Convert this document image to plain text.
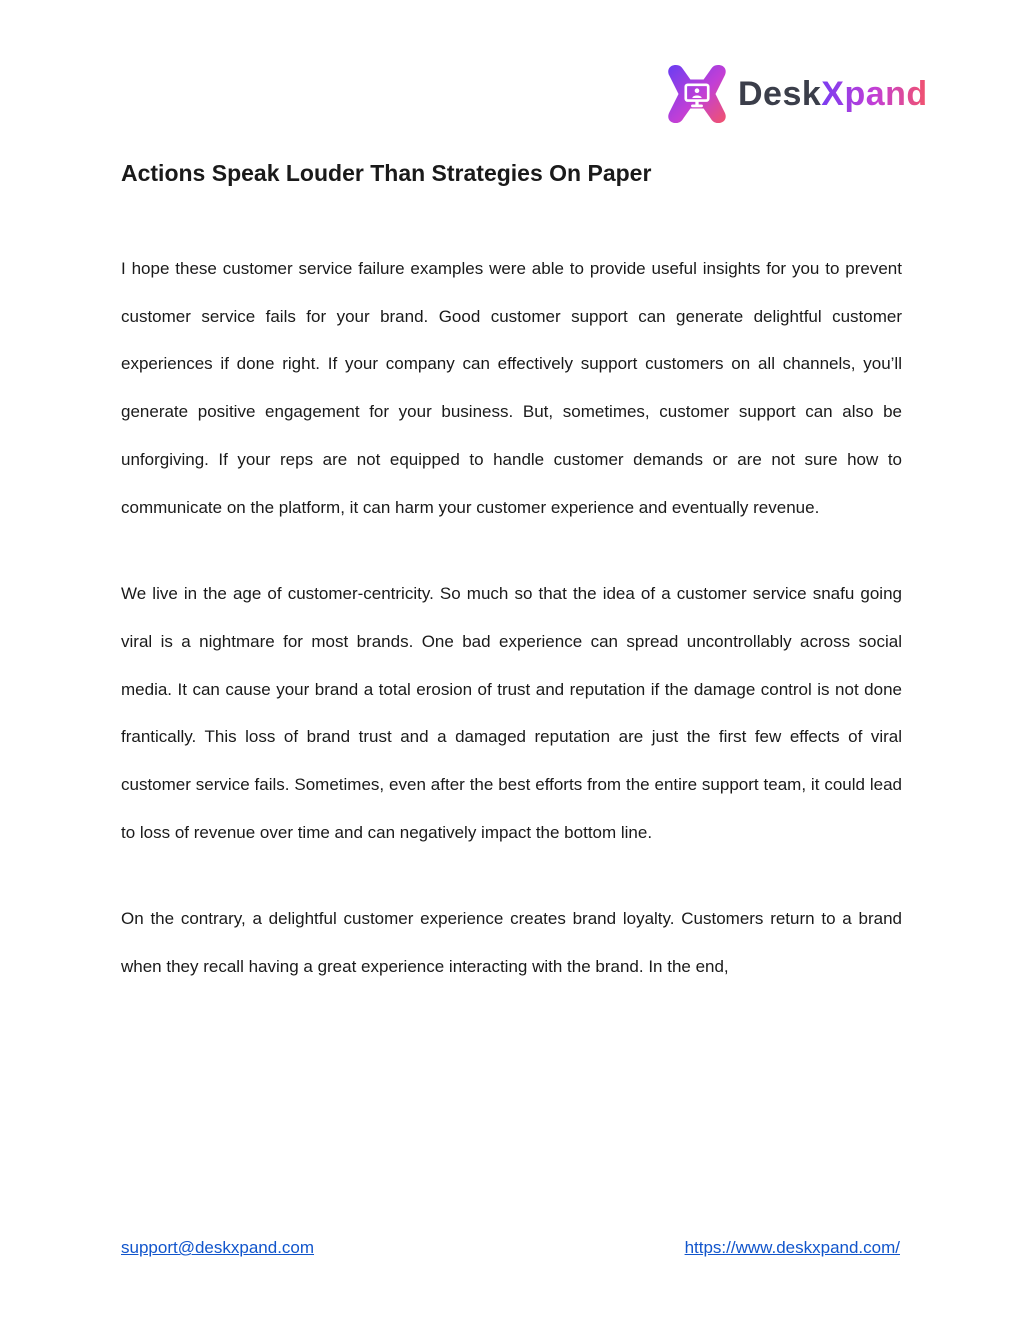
DeskXpand
Actions Speak Louder Than Strategies On Paper

I hope these customer service failure examples were able to provide useful insights for you to prevent customer service fails for your brand. Good customer support can generate delightful customer experiences if done right. If your company can effectively support customers on all channels, you’ll generate positive engagement for your business. But, sometimes, customer support can also be unforgiving. If your reps are not equipped to handle customer demands or are not sure how to communicate on the platform, it can harm your customer experience and eventually revenue.

We live in the age of customer-centricity. So much so that the idea of a customer service snafu going viral is a nightmare for most brands. One bad experience can spread uncontrollably across social media. It can cause your brand a total erosion of trust and reputation if the damage control is not done frantically. This loss of brand trust and a damaged reputation are just the first few effects of viral customer service fails. Sometimes, even after the best efforts from the entire support team, it could lead to loss of revenue over time and can negatively impact the bottom line.

On the contrary, a delightful customer experience creates brand loyalty. Customers return to a brand when they recall having a great experience interacting with the brand. In the end,

support@deskxpand.com	https://www.deskxpand.com/
